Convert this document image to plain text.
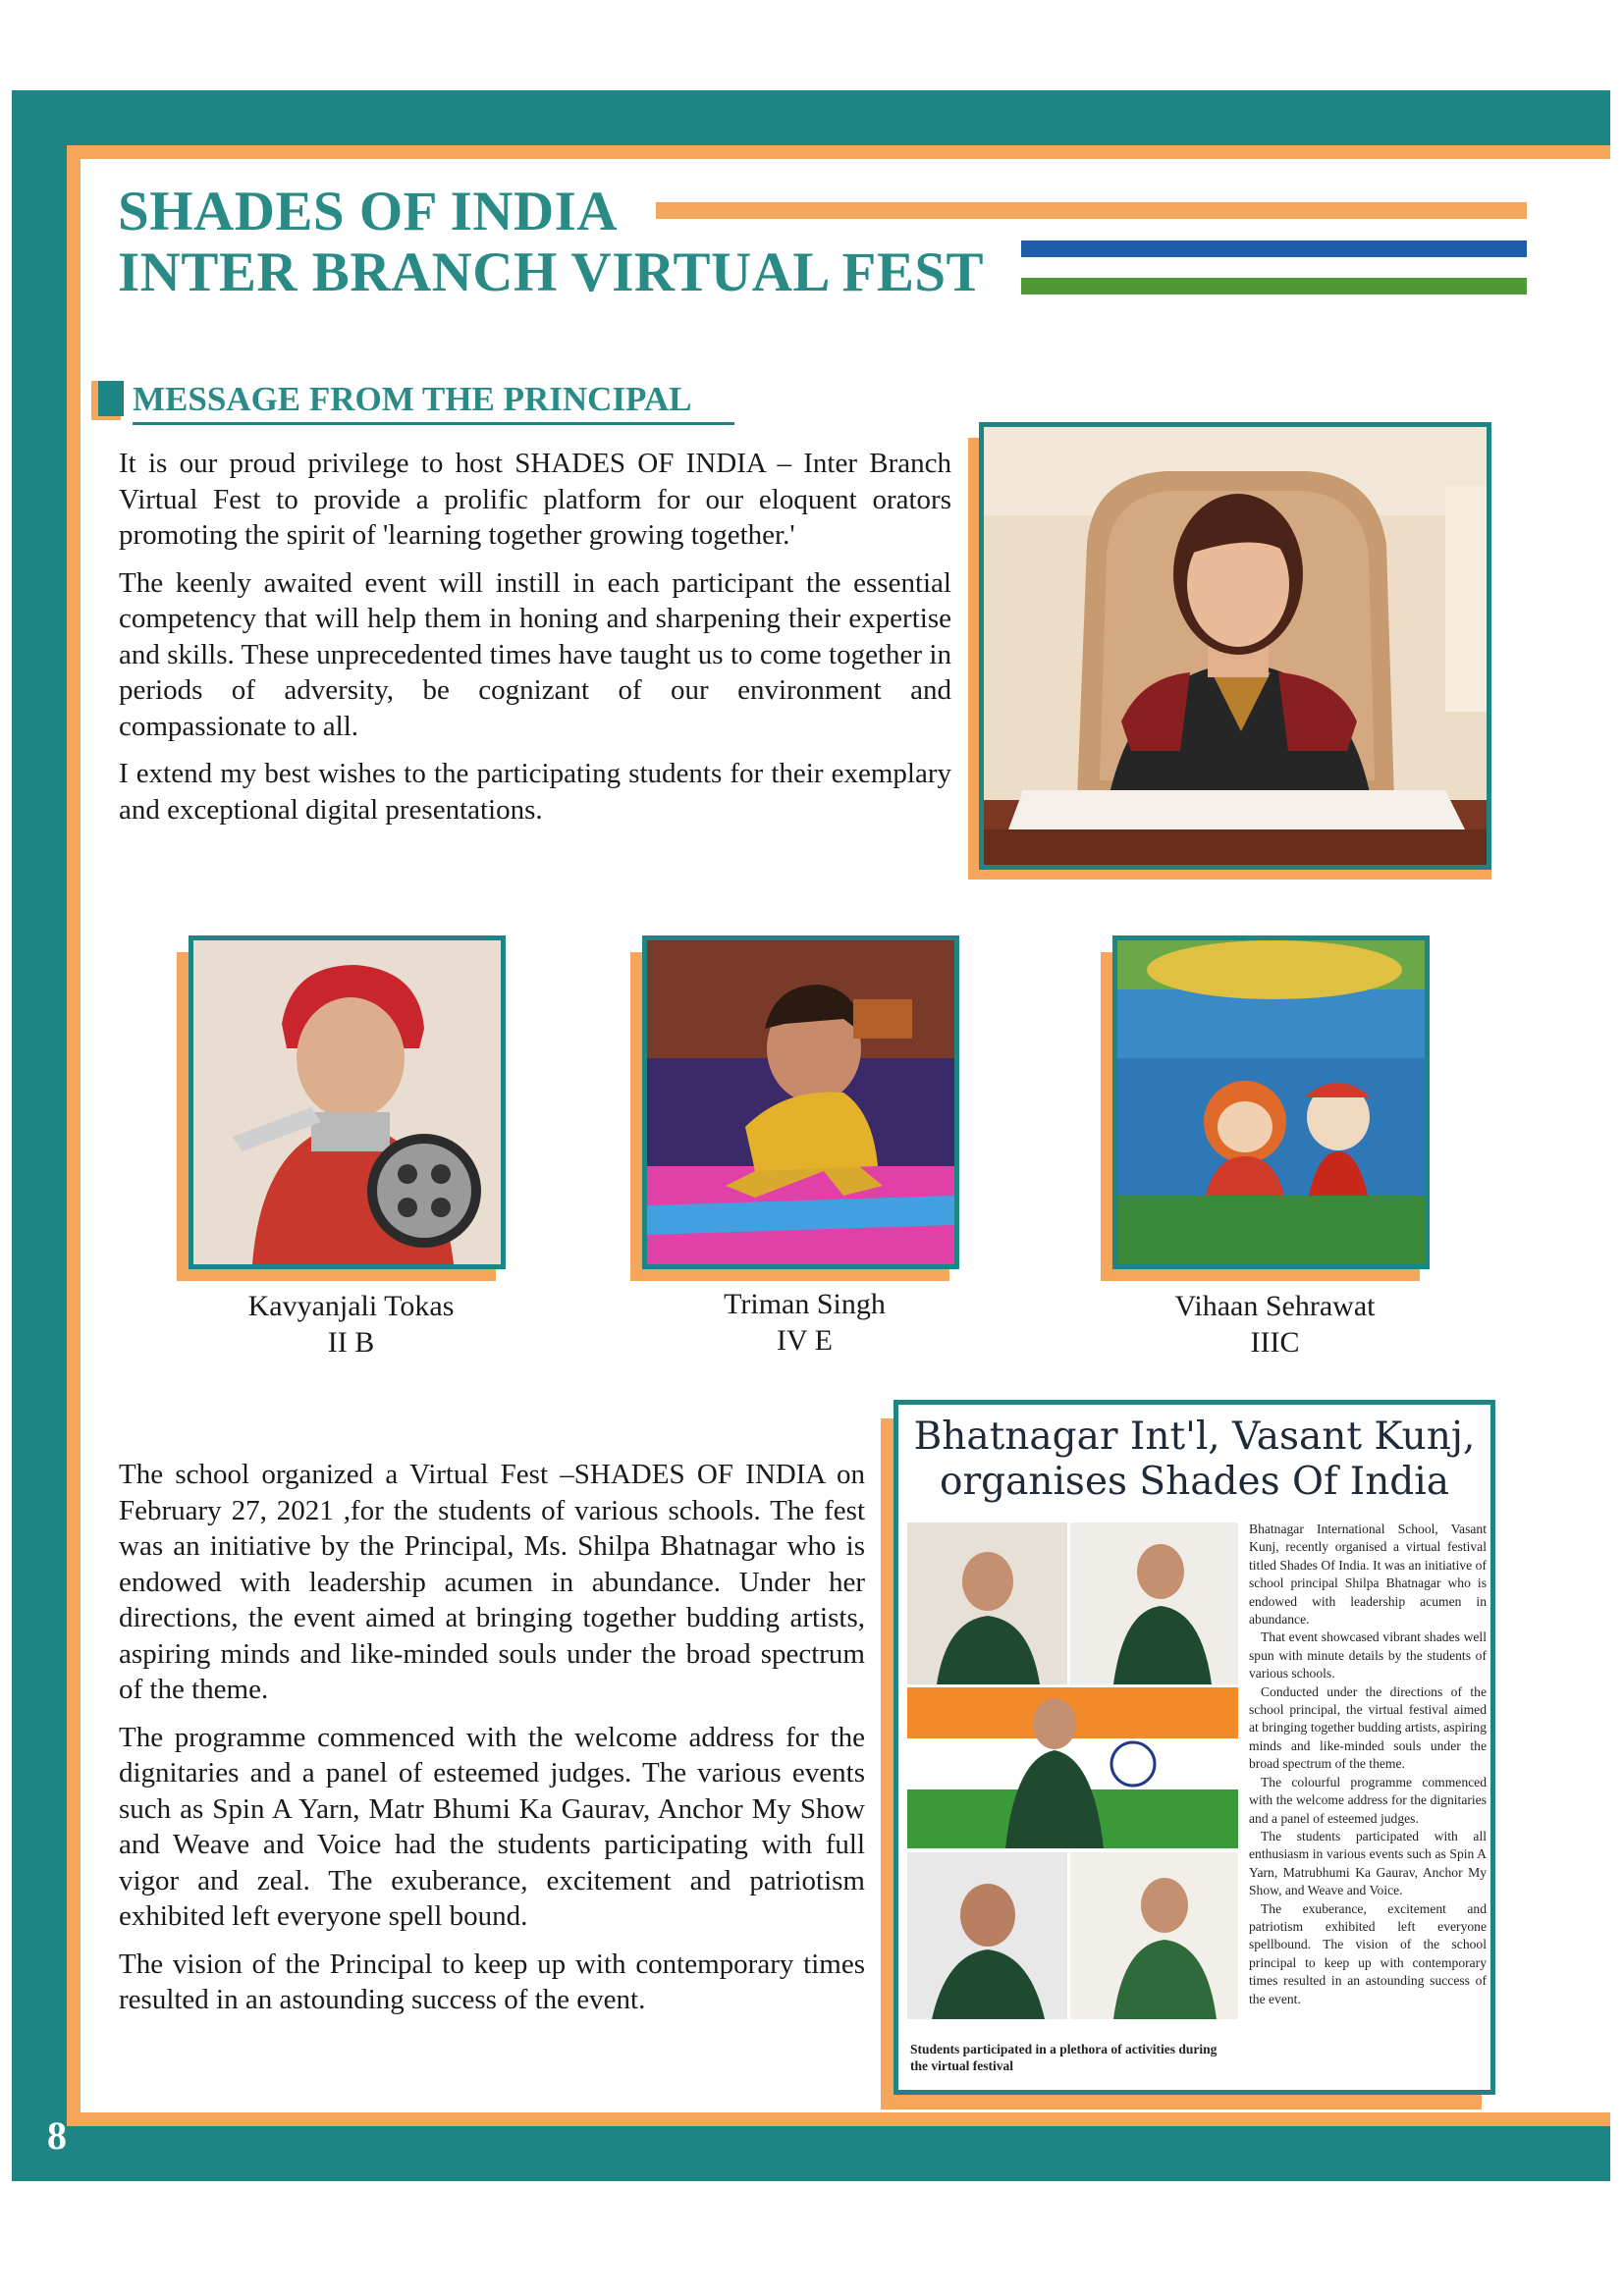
8
SHADES OF INDIA
INTER BRANCH VIRTUAL FEST
MESSAGE FROM THE PRINCIPAL

It is our proud privilege to host SHADES OF INDIA – Inter Branch Virtual Fest to provide a prolific platform for our eloquent orators promoting the spirit of 'learning together growing together.'

The keenly awaited event will instill in each participant the essential competency that will help them in honing and sharpening their expertise and skills. These unprecedented times have taught us to come together in periods of adversity, be cognizant of our environment and compassionate to all.

I extend my best wishes to the participating students for their exemplary and exceptional digital presentations.

Kavyanjali Tokas
II B
Triman Singh
IV E
Vihaan Sehrawat
IIIC

The school organized a Virtual Fest –SHADES OF INDIA on February 27, 2021 ,for the students of various schools. The fest was an initiative by the Principal, Ms. Shilpa Bhatnagar who is endowed with leadership acumen in abundance. Under her directions, the event aimed at bringing together budding artists, aspiring minds and like-minded souls under the broad spectrum of the theme.

The programme commenced with the welcome address for the dignitaries and a panel of esteemed judges. The various events such as Spin A Yarn, Matr Bhumi Ka Gaurav, Anchor My Show and Weave and Voice had the students participating with full vigor and zeal. The exuberance, excitement and patriotism exhibited left everyone spell bound.

The vision of the Principal to keep up with contemporary times resulted in an astounding success of the event.

Bhatnagar Int'l, Vasant Kunj,
organises Shades Of India
Students participated in a plethora of activities during the virtual festival

Bhatnagar International School, Vasant Kunj, recently organised a virtual festival titled Shades Of India. It was an initiative of school principal Shilpa Bhatnagar who is endowed with leadership acumen in abundance.

That event showcased vibrant shades well spun with minute details by the students of various schools.

Conducted under the directions of the school principal, the virtual festival aimed at bringing together budding artists, aspiring minds and like-minded souls under the broad spectrum of the theme.

The colourful programme commenced with the welcome address for the dignitaries and a panel of esteemed judges.

The students participated with all enthusiasm in various events such as Spin A Yarn, Matrubhumi Ka Gaurav, Anchor My Show, and Weave and Voice.

The exuberance, excitement and patriotism exhibited left everyone spellbound. The vision of the school principal to keep up with contemporary times resulted in an astounding success of the event.
